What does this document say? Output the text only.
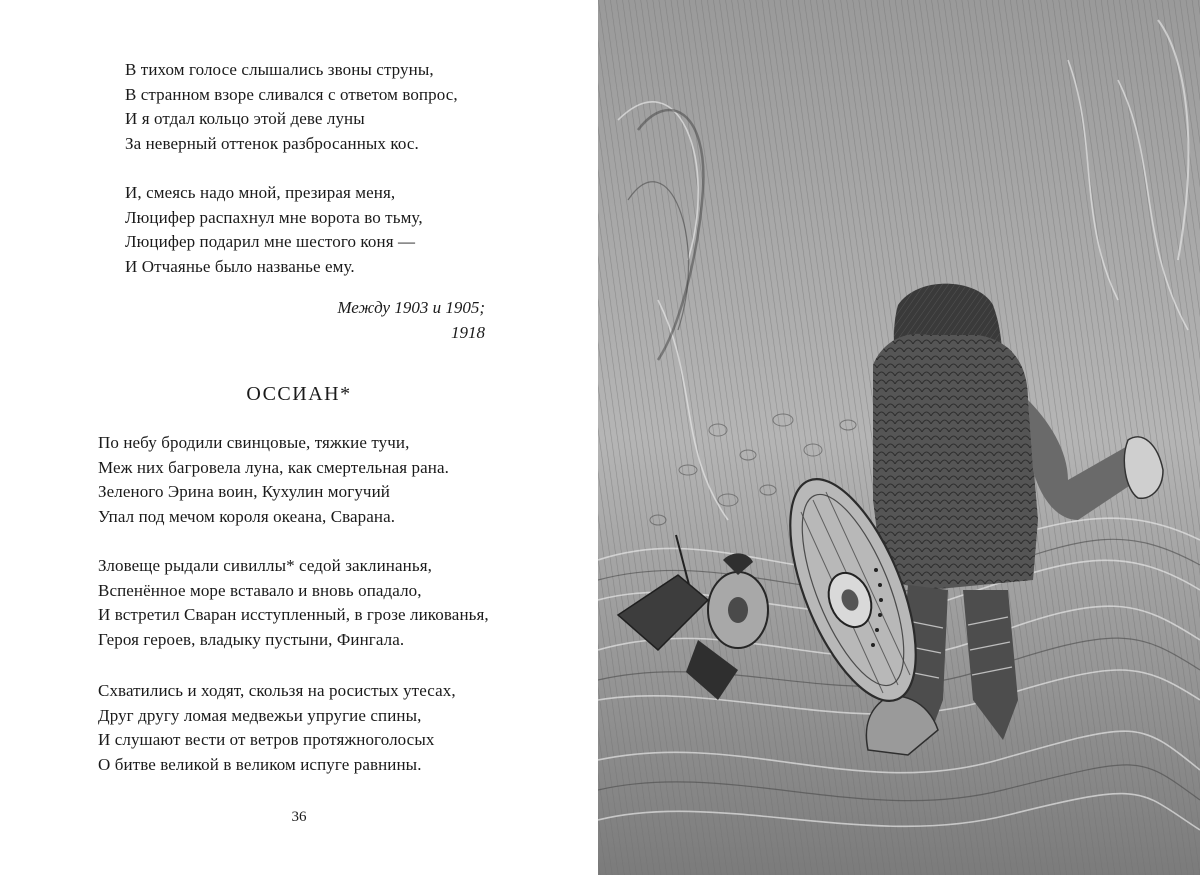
В тихом голосе слышались звоны струны,
В странном взоре сливался с ответом вопрос,
И я отдал кольцо этой деве луны
За неверный оттенок разбросанных кос.
И, смеясь надо мной, презирая меня,
Люцифер распахнул мне ворота во тьму,
Люцифер подарил мне шестого коня —
И Отчаянье было названье ему.
Между 1903 и 1905;
1918
ОССИАН*
По небу бродили свинцовые, тяжкие тучи,
Меж них багровела луна, как смертельная рана.
Зеленого Эрина воин, Кухулин могучий
Упал под мечом короля океана, Сварана.
Зловеще рыдали сивиллы* седой заклинанья,
Вспенённое море вставало и вновь опадало,
И встретил Сваран исступленный, в грозе ликованья,
Героя героев, владыку пустыни, Фингала.
Схватились и ходят, скользя на росистых утесах,
Друг другу ломая медвежьи упругие спины,
И слушают вести от ветров протяжноголосых
О битве великой в великом испуге равнины.
36
